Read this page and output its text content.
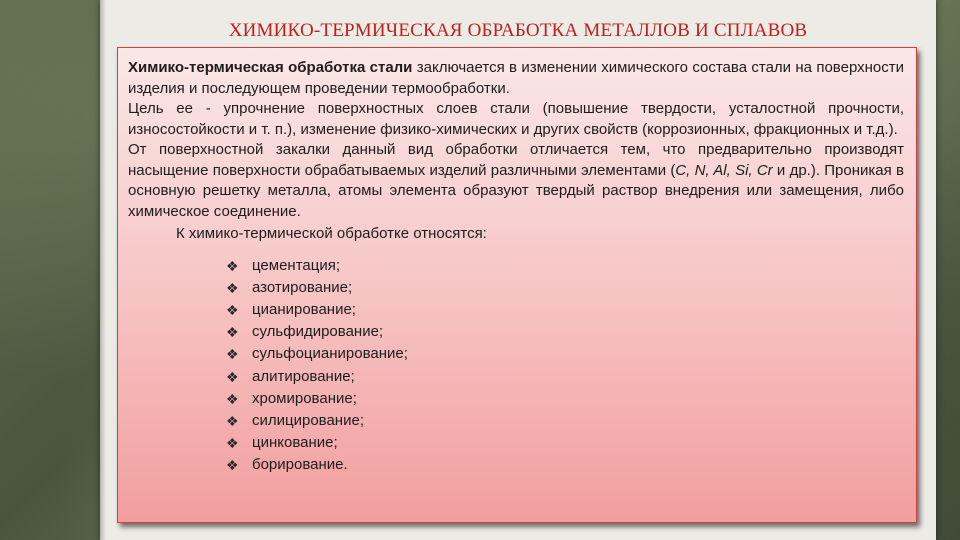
ХИМИКО-ТЕРМИЧЕСКАЯ ОБРАБОТКА МЕТАЛЛОВ И СПЛАВОВ

Химико-термическая обработка стали заключается в изменении химического состава стали на поверхности изделия и последующем проведении термообработки.

Цель ее - упрочнение поверхностных слоев стали (повышение твердости, усталостной прочности, износостойкости и т. п.), изменение физико-химических и других свойств (коррозионных, фракционных и т.д.).

От поверхностной закалки данный вид обработки отличается тем, что предварительно производят насыщение поверхности обрабатываемых изделий различными элементами (C, N, Al, Si, Cr и др.). Проникая в основную решетку металла, атомы элемента образуют твердый раствор внедрения или замещения, либо химическое соединение.

К химико-термической обработке относятся:

❖ цементация;
❖ азотирование;
❖ цианирование;
❖ сульфидирование;
❖ сульфоцианирование;
❖ алитирование;
❖ хромирование;
❖ силицирование;
❖ цинкование;
❖ борирование.
